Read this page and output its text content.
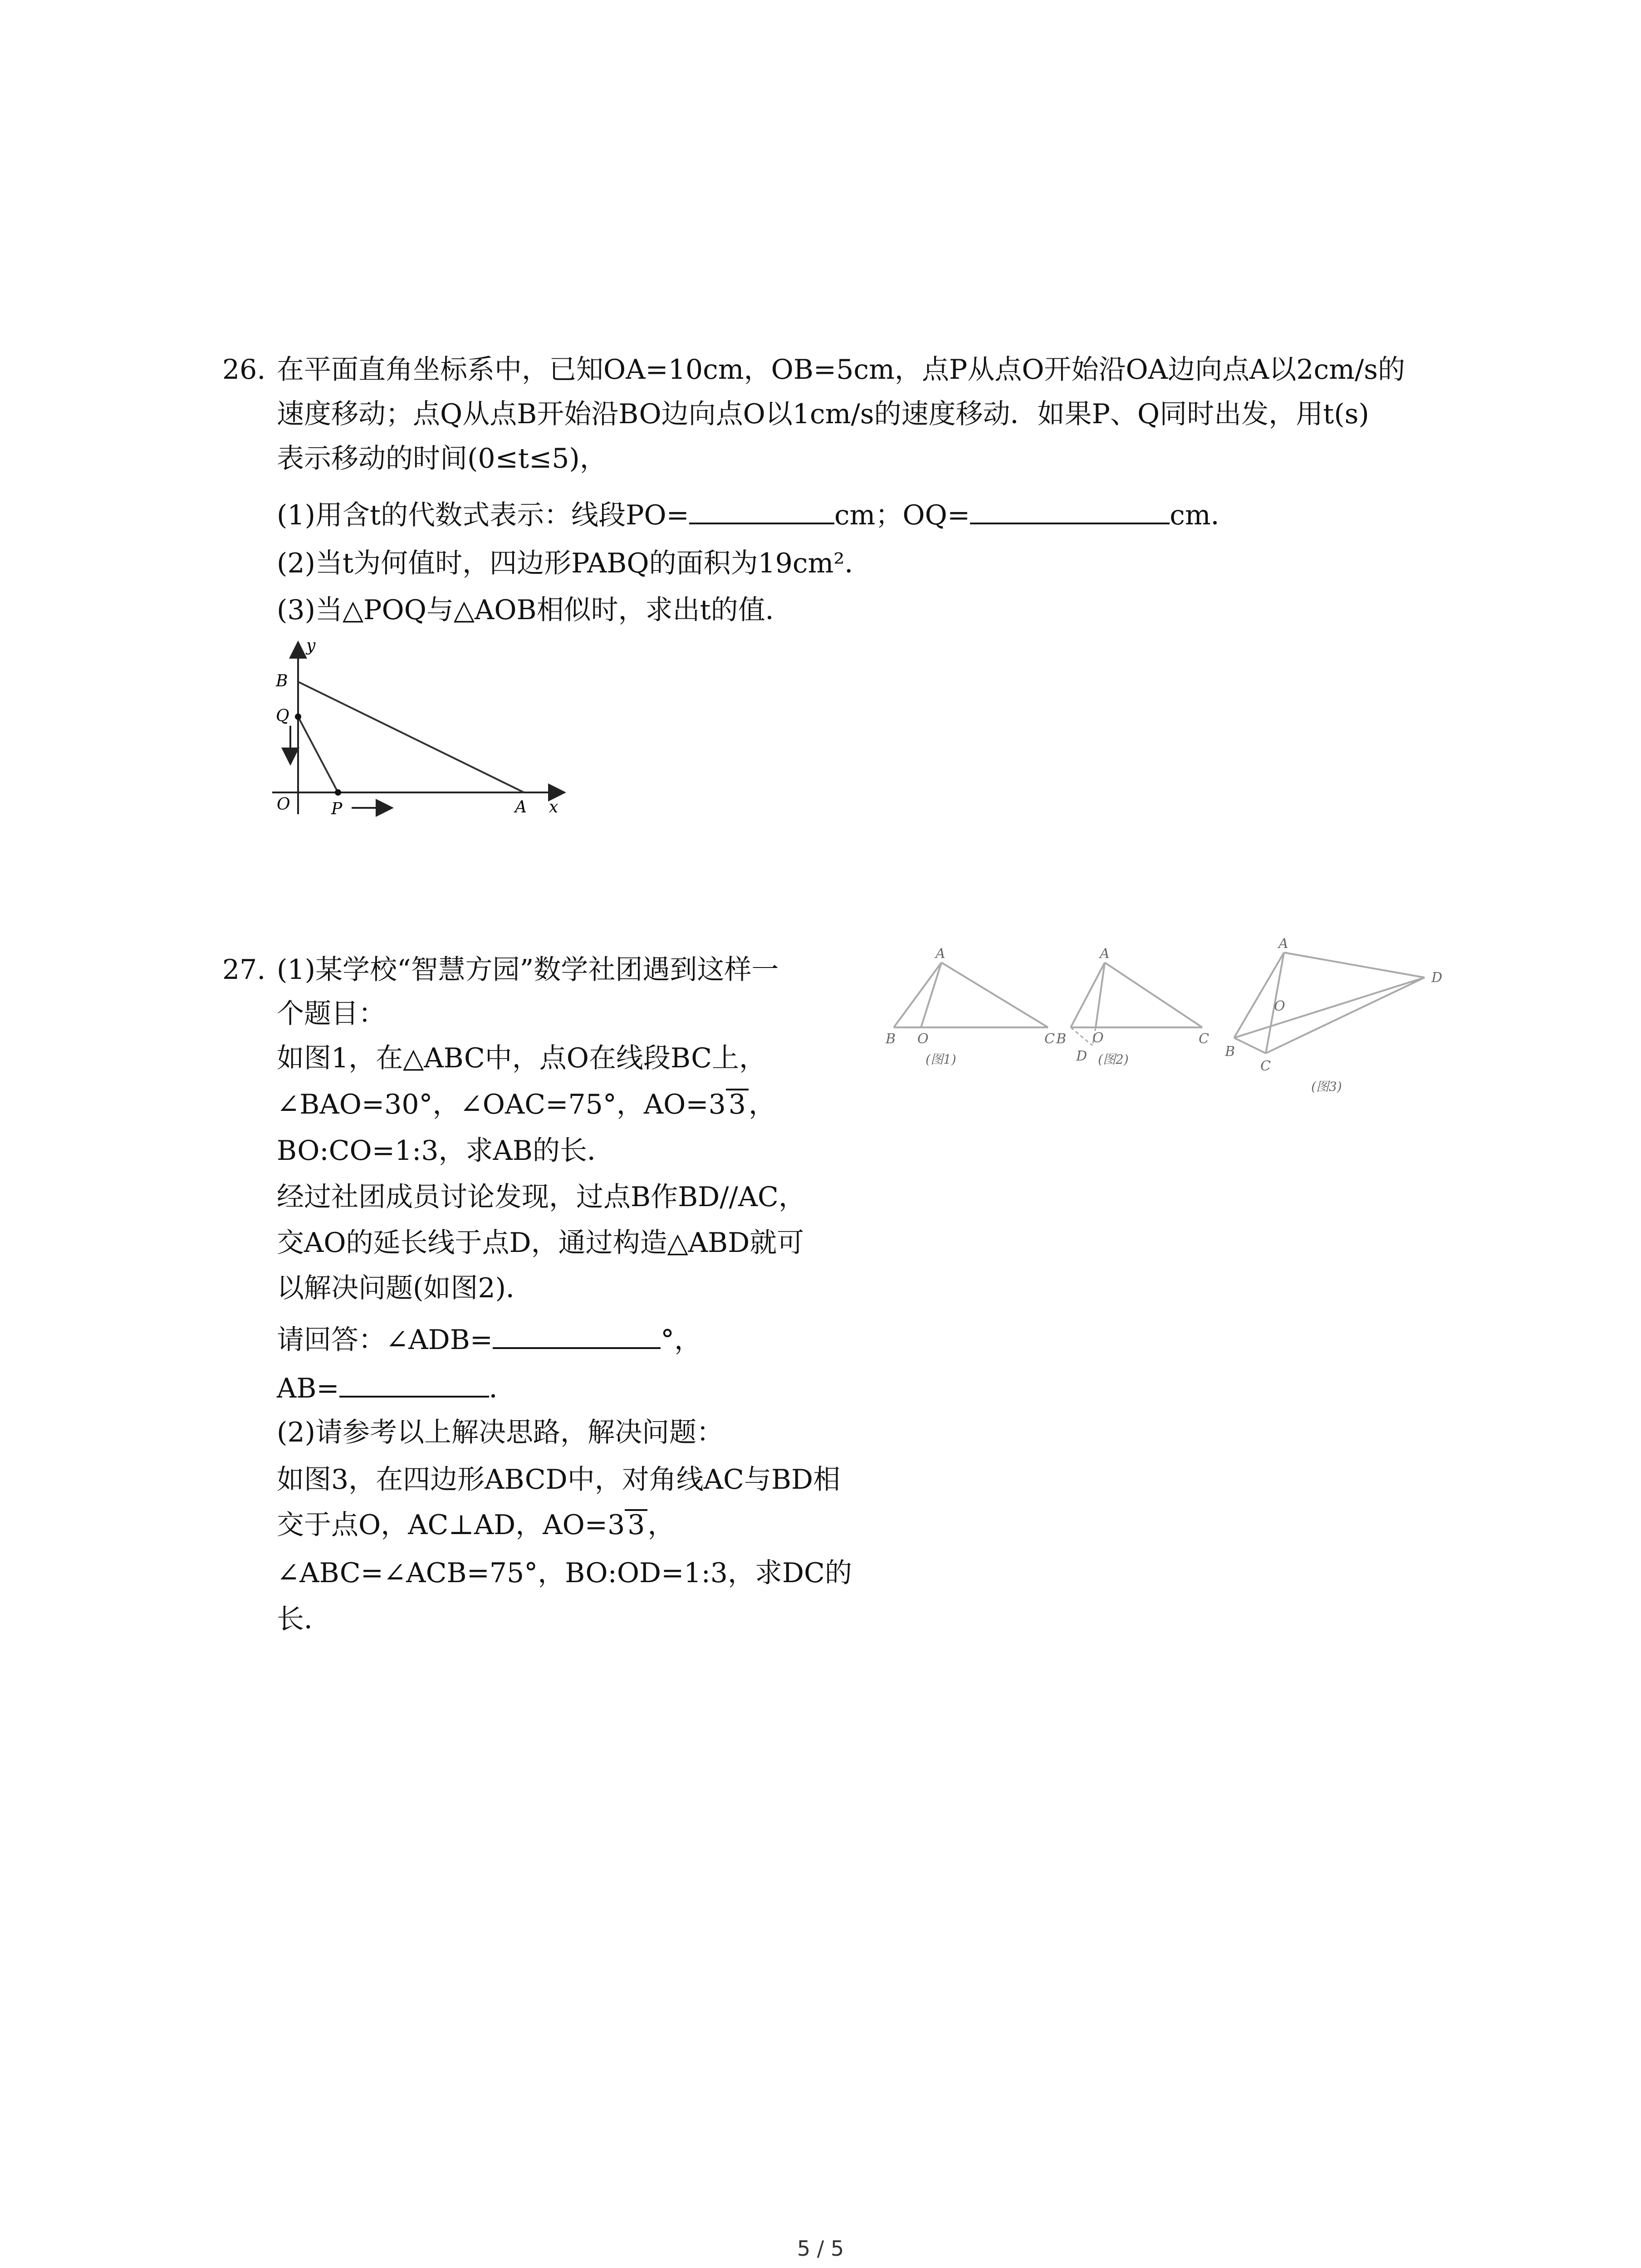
26. 在平面直角坐标系中，已知OA=10cm，OB=5cm，点P从点O开始沿OA边向点A以2cm/s的
速度移动；点Q从点B开始沿BO边向点O以1cm/s的速度移动．如果P、Q同时出发，用t(s)
表示移动的时间(0≤t≤5)，
(1)用含t的代数式表示：线段PO=	cm；OQ=	cm．
(2)当t为何值时，四边形PABQ的面积为19cm²．
(3)当△POQ与△AOB相似时，求出t的值．
y
B
Q
O	P	A x
27. (1)某学校“智慧方园”数学社团遇到这样一
个题目：
如图1，在△ABC中，点O在线段BC上，
∠BAO=30°，∠OAC=75°，AO=3 3 ，
BO:CO=1:3，求AB的长．
经过社团成员讨论发现，过点B作BD//AC，
交AO的延长线于点D，通过构造△ABD就可
以解决问题(如图2)．
请回答：∠ADB=	°，
AB=	．
(2)请参考以上解决思路，解决问题：
如图3，在四边形ABCD中，对角线AC与BD相
交于点O，AC⊥AD，AO=3 3 ，
∠ABC=∠ACB=75°，BO:OD=1:3，求DC的
长．
A
B O	C
(图1)
A
B O	C
D (图2)
A
D
O
B
C
(图3)
5 / 5
